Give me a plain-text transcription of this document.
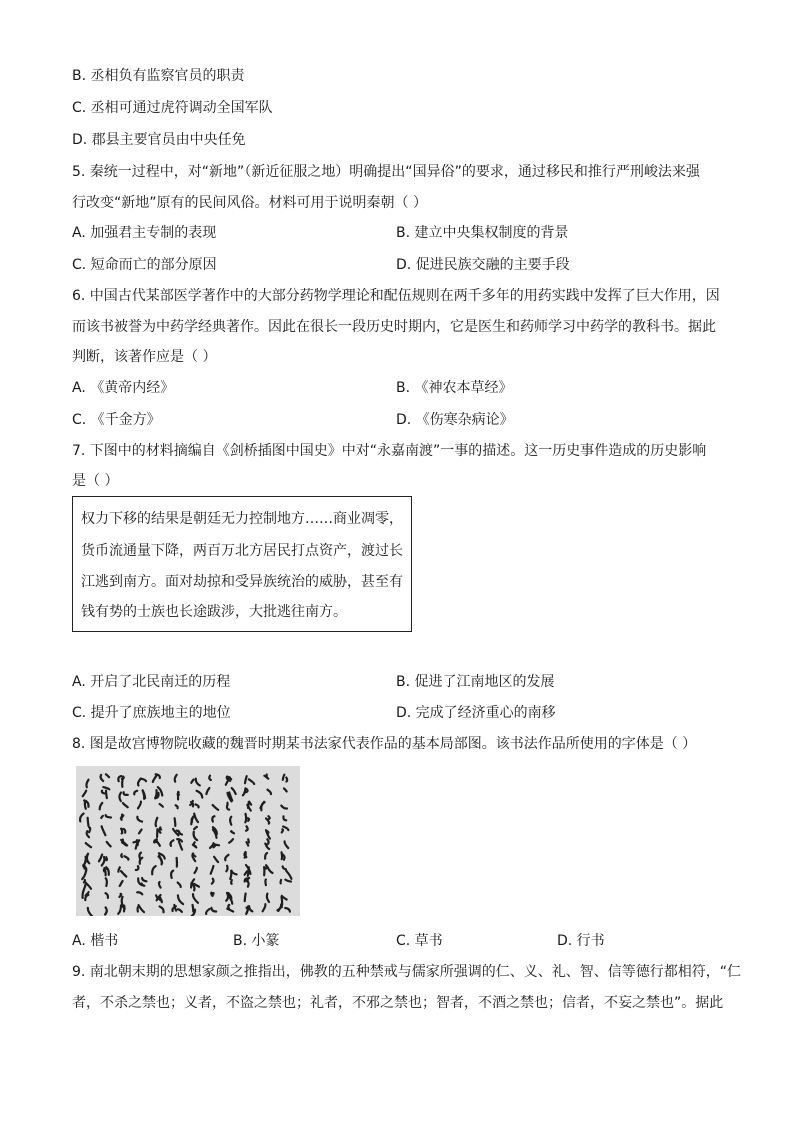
B. 丞相负有监察官员的职责
C. 丞相可通过虎符调动全国军队
D. 郡县主要官员由中央任免
5. 秦统一过程中，对“新地”（新近征服之地）明确提出“国异俗”的要求，通过移民和推行严刑峻法来强
行改变“新地”原有的民间风俗。材料可用于说明秦朝（ ）
A. 加强君主专制的表现	B. 建立中央集权制度的背景
C. 短命而亡的部分原因	D. 促进民族交融的主要手段
6. 中国古代某部医学著作中的大部分药物学理论和配伍规则在两千多年的用药实践中发挥了巨大作用，因
而该书被誉为中药学经典著作。因此在很长一段历史时期内，它是医生和药师学习中药学的教科书。据此
判断，该著作应是（ ）
A. 《黄帝内经》	B. 《神农本草经》
C. 《千金方》	D. 《伤寒杂病论》
7. 下图中的材料摘编自《剑桥插图中国史》中对“永嘉南渡”一事的描述。这一历史事件造成的历史影响
是（ ）
权力下移的结果是朝廷无力控制地方……商业凋零，
货币流通量下降，两百万北方居民打点资产，渡过长
江逃到南方。面对劫掠和受异族统治的威胁，甚至有
钱有势的士族也长途跋涉，大批逃往南方。
A. 开启了北民南迁的历程	B. 促进了江南地区的发展
C. 提升了庶族地主的地位	D. 完成了经济重心的南移
8. 图是故宫博物院收藏的魏晋时期某书法家代表作品的基本局部图。该书法作品所使用的字体是（ ）
A. 楷书	B. 小篆	C. 草书	D. 行书
9. 南北朝末期的思想家颜之推指出，佛教的五种禁戒与儒家所强调的仁、义、礼、智、信等德行都相符，“仁
者，不杀之禁也；义者，不盗之禁也；礼者，不邪之禁也；智者，不酒之禁也；信者，不妄之禁也”。据此
